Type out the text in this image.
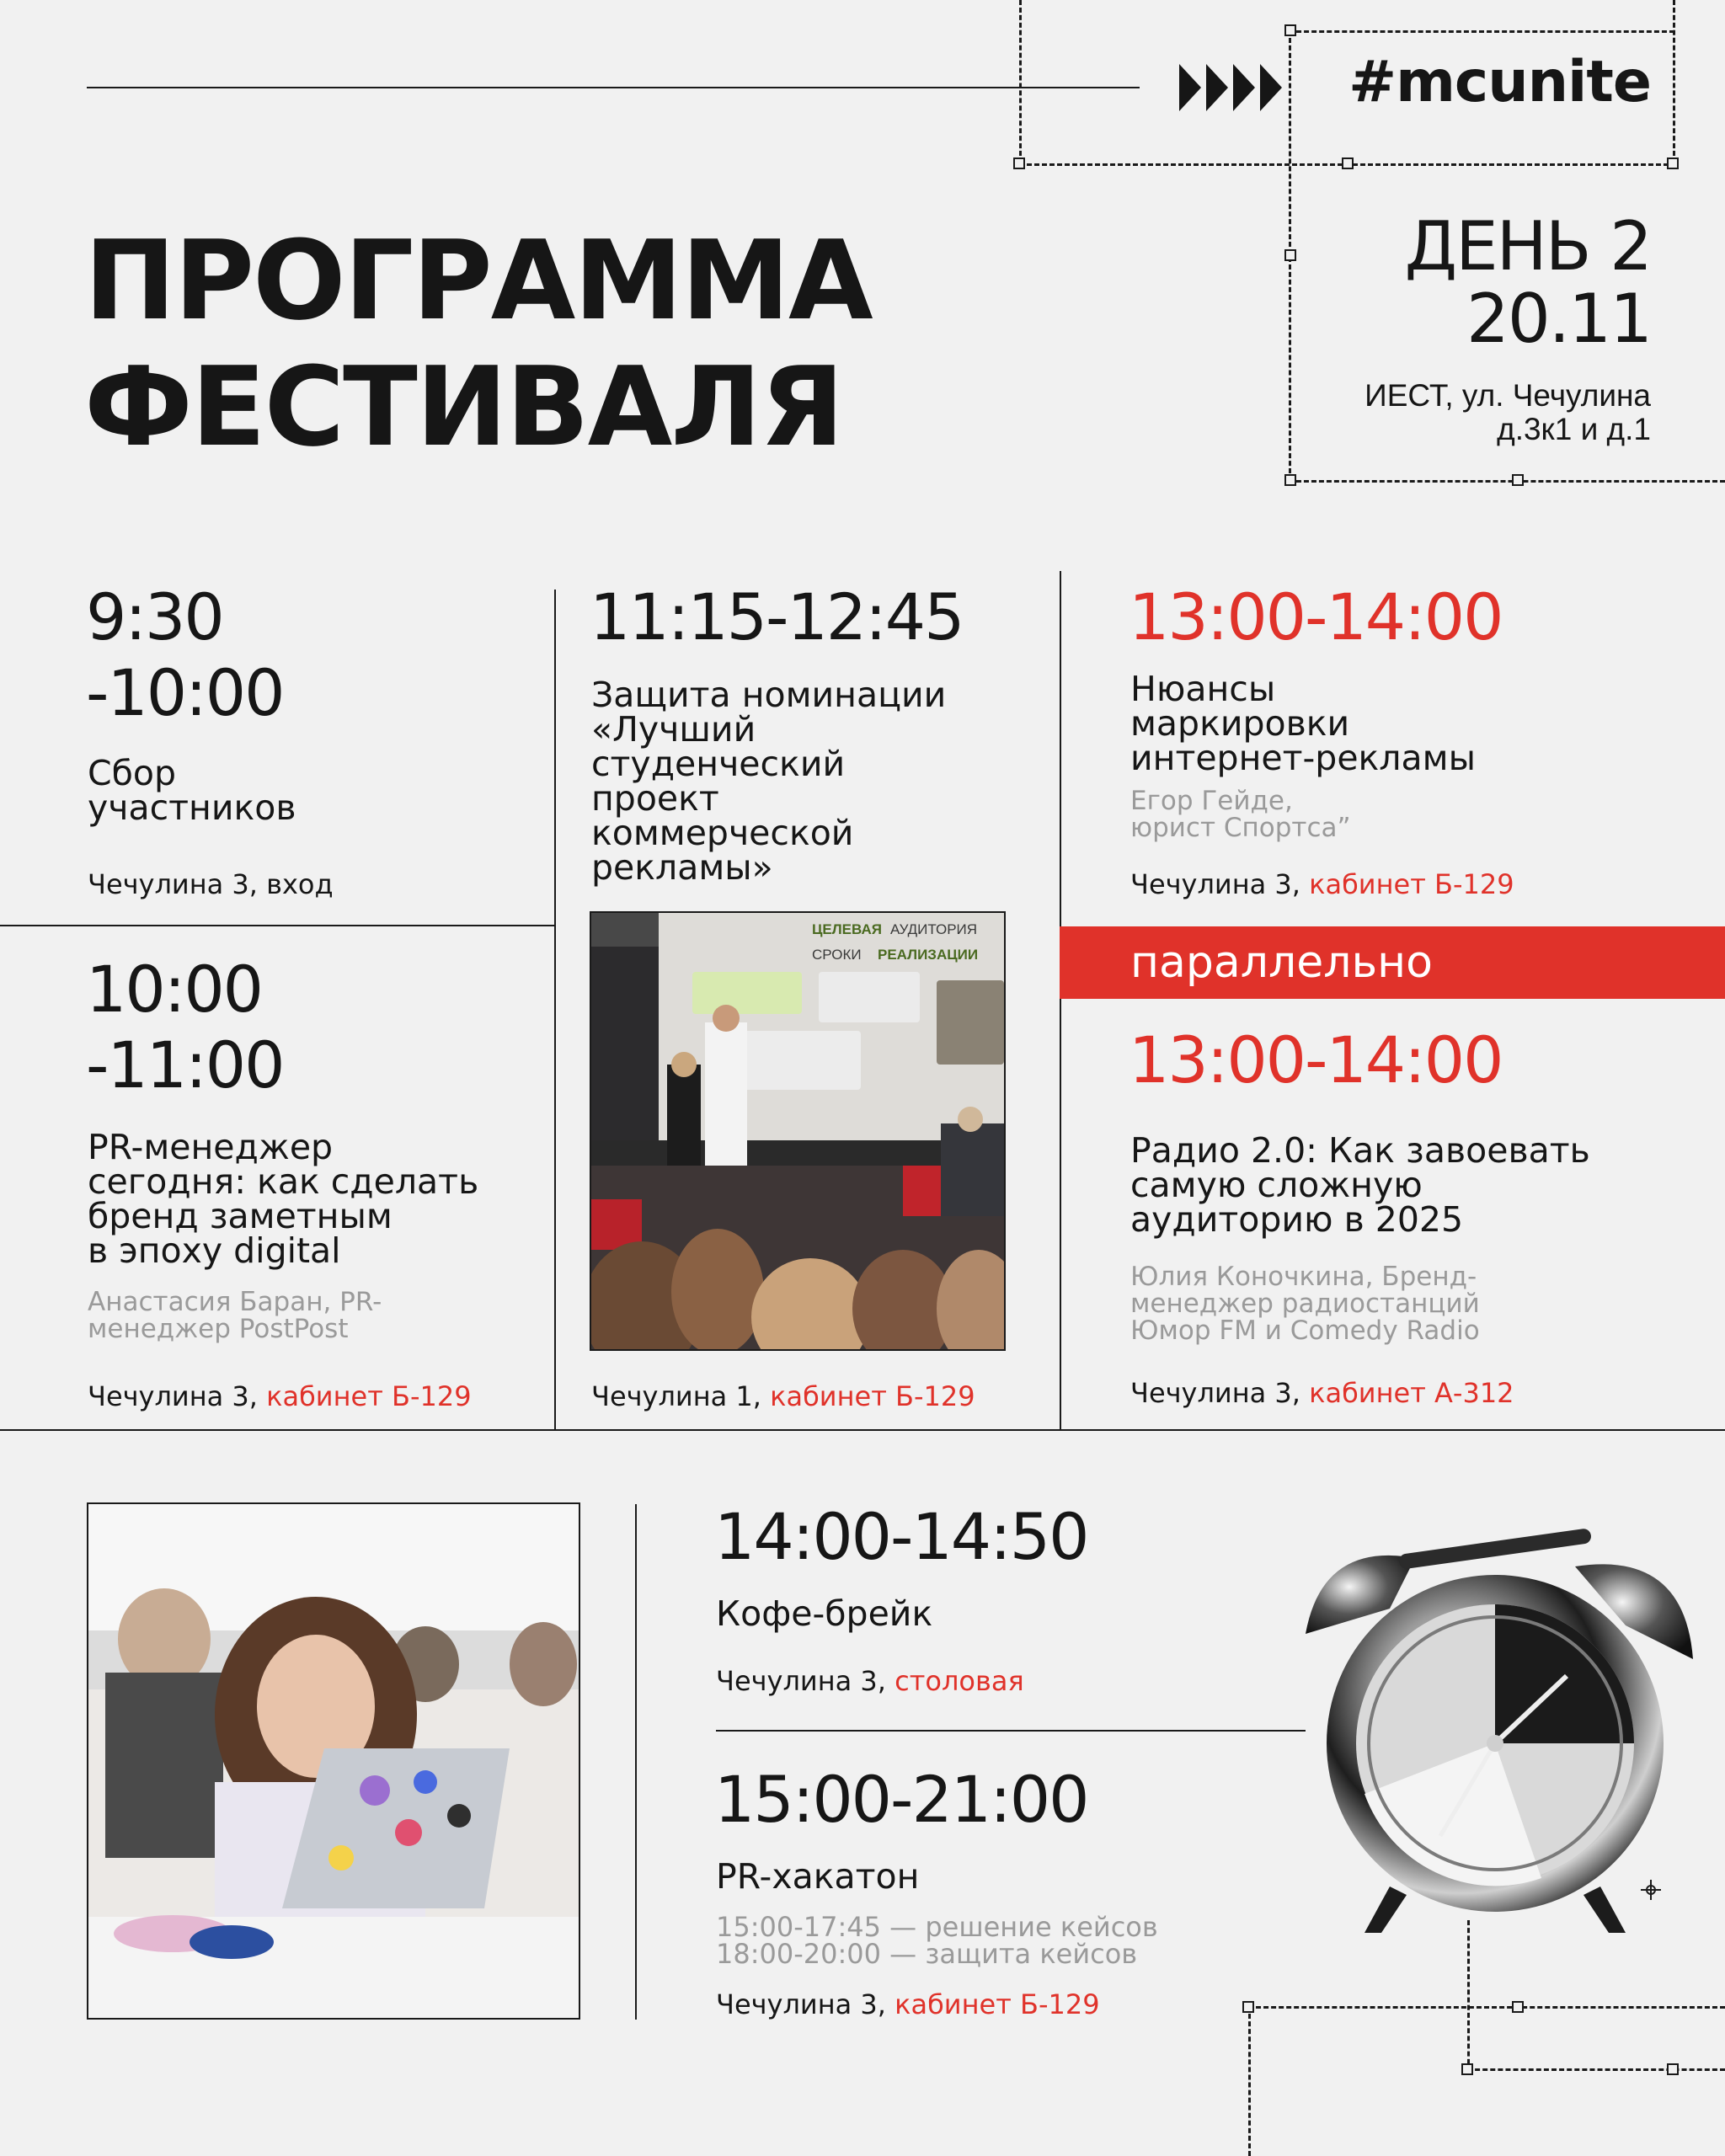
#mcunite
ПРОГРАММА
ФЕСТИВАЛЯ
ДЕНЬ 2
20.11
ИЕСТ, ул. Чечулина
д.3к1 и д.1
9:30
-10:00
Сбор
участников
Чечулина 3, вход
11:15-12:45
Защита номинации
«Лучший
студенческий
проект
коммерческой
рекламы»
ЦЕЛЕВАЯ АУДИТОРИЯ
СРОКИ РЕАЛИЗАЦИИ
Чечулина 1, кабинет Б-129
13:00-14:00
Нюансы
маркировки
интернет-рекламы
Егор Гейде,
юрист Спортса”
Чечулина 3, кабинет Б-129
параллельно
10:00
-11:00
PR-менеджер
сегодня: как сделать
бренд заметным
в эпоху digital
Анастасия Баран, PR-
менеджер PostPost
Чечулина 3, кабинет Б-129
13:00-14:00
Радио 2.0: Как завоевать
самую сложную
аудиторию в 2025
Юлия Коночкина, Бренд-
менеджер радиостанций
Юмор FM и Comedy Radio
Чечулина 3, кабинет А-312
14:00-14:50
Кофе-брейк
Чечулина 3, столовая
15:00-21:00
PR-хакатон
15:00-17:45 — решение кейсов
18:00-20:00 — защита кейсов
Чечулина 3, кабинет Б-129
